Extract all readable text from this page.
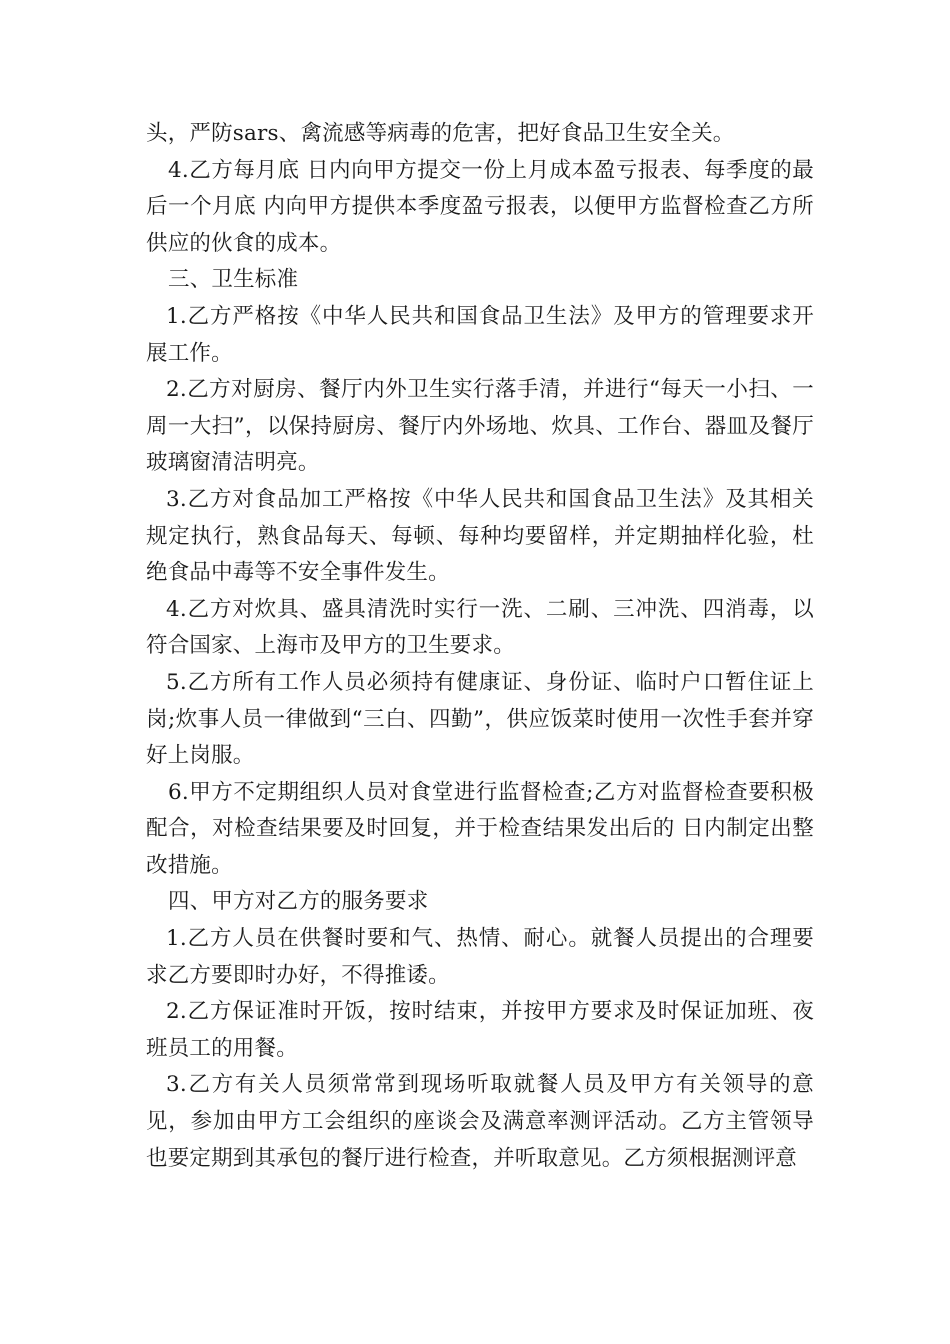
头，严防sars、禽流感等病毒的危害，把好食品卫生安全关。

4.乙方每月底 日内向甲方提交一份上月成本盈亏报表、每季度的最后一个月底 内向甲方提供本季度盈亏报表，以便甲方监督检查乙方所供应的伙食的成本。

三、卫生标准

1.乙方严格按《中华人民共和国食品卫生法》及甲方的管理要求开展工作。

2.乙方对厨房、餐厅内外卫生实行落手清，并进行“每天一小扫、一周一大扫”，以保持厨房、餐厅内外场地、炊具、工作台、器皿及餐厅玻璃窗清洁明亮。

3.乙方对食品加工严格按《中华人民共和国食品卫生法》及其相关规定执行，熟食品每天、每顿、每种均要留样，并定期抽样化验，杜绝食品中毒等不安全事件发生。

4.乙方对炊具、盛具清洗时实行一洗、二刷、三冲洗、四消毒，以符合国家、上海市及甲方的卫生要求。

5.乙方所有工作人员必须持有健康证、身份证、临时户口暂住证上岗;炊事人员一律做到“三白、四勤”，供应饭菜时使用一次性手套并穿好上岗服。

6.甲方不定期组织人员对食堂进行监督检查;乙方对监督检查要积极配合，对检查结果要及时回复，并于检查结果发出后的 日内制定出整改措施。

四、甲方对乙方的服务要求

1.乙方人员在供餐时要和气、热情、耐心。就餐人员提出的合理要求乙方要即时办好，不得推诿。

2.乙方保证准时开饭，按时结束，并按甲方要求及时保证加班、夜班员工的用餐。

3.乙方有关人员须常常到现场听取就餐人员及甲方有关领导的意见，参加由甲方工会组织的座谈会及满意率测评活动。乙方主管领导也要定期到其承包的餐厅进行检查，并听取意见。乙方须根据测评意
